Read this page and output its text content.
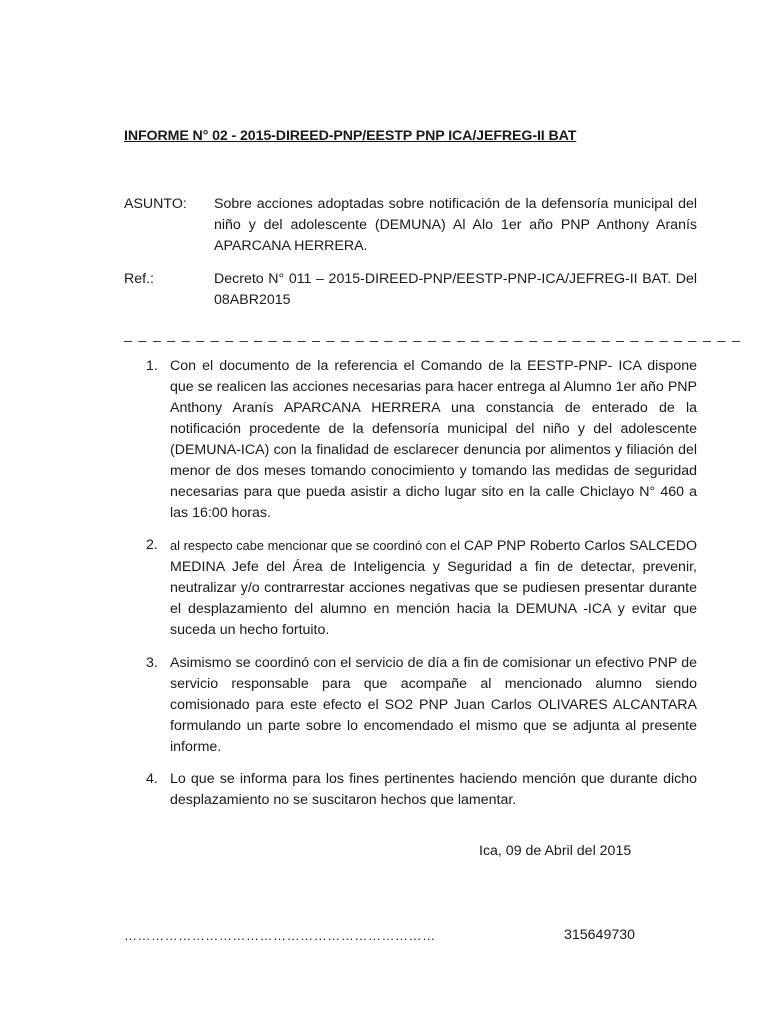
INFORME N° 02 - 2015-DIREED-PNP/EESTP PNP ICA/JEFREG-II BAT
ASUNTO: Sobre acciones adoptadas sobre notificación de la defensoría municipal del niño y del adolescente (DEMUNA) Al Alo 1er año PNP Anthony Aranís APARCANA HERRERA.
Ref.:	Decreto N° 011 – 2015-DIREED-PNP/EESTP-PNP-ICA/JEFREG-II BAT. Del 08ABR2015
_ _ _ _ _ _ _ _ _ _ _ _ _ _ _ _ _ _ _ _ _ _ _ _ _ _ _ _ _ _ _ _ _ _ _ _ _ _ _ _ _ _ _
1. Con el documento de la referencia el Comando de la EESTP-PNP- ICA dispone que se realicen las acciones necesarias para hacer entrega al Alumno 1er año PNP Anthony Aranís APARCANA HERRERA una constancia de enterado de la notificación procedente de la defensoría municipal del niño y del adolescente (DEMUNA-ICA) con la finalidad de esclarecer denuncia por alimentos y filiación del menor de dos meses tomando conocimiento y tomando las medidas de seguridad necesarias para que pueda asistir a dicho lugar sito en la calle Chiclayo N° 460 a las 16:00 horas.
2. al respecto cabe mencionar que se coordinó con el CAP PNP Roberto Carlos SALCEDO MEDINA Jefe del Área de Inteligencia y Seguridad a fin de detectar, prevenir, neutralizar y/o contrarrestar acciones negativas que se pudiesen presentar durante el desplazamiento del alumno en mención hacia la DEMUNA -ICA y evitar que suceda un hecho fortuito.
3. Asimismo se coordinó con el servicio de día a fin de comisionar un efectivo PNP de servicio responsable para que acompañe al mencionado alumno siendo comisionado para este efecto el SO2 PNP Juan Carlos OLIVARES ALCANTARA formulando un parte sobre lo encomendado el mismo que se adjunta al presente informe.
4. Lo que se informa para los fines pertinentes haciendo mención que durante dicho desplazamiento no se suscitaron hechos que lamentar.
Ica, 09 de Abril del 2015
……………………………………………………………	315649730
